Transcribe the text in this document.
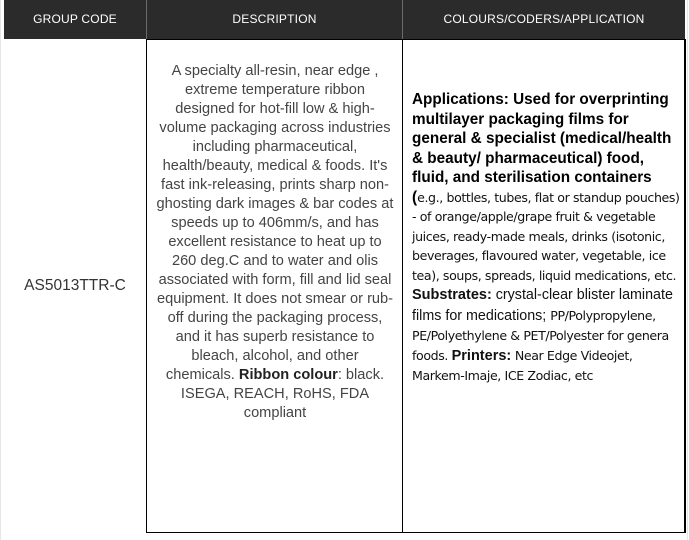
GROUP CODE	DESCRIPTION	COLOURS/CODERS/APPLICATION
AS5013TTR-C
A specialty all-resin, near edge , extreme temperature ribbon designed for hot-fill low & high-volume packaging across industries including pharmaceutical, health/beauty, medical & foods. It's fast ink-releasing, prints sharp non-ghosting dark images & bar codes at speeds up to 406mm/s, and has excellent resistance to heat up to 260 deg.C and to water and olis associated with form, fill and lid seal equipment. It does not smear or rub-off during the packaging process, and it has superb resistance to bleach, alcohol, and other chemicals. Ribbon colour: black. ISEGA, REACH, RoHS, FDA compliant
Applications: Used for overprinting multilayer packaging films for general & specialist (medical/health & beauty/ pharmaceutical) food, fluid, and sterilisation containers (e.g., bottles, tubes, flat or standup pouches) - of orange/apple/grape fruit & vegetable juices, ready-made meals, drinks (isotonic, beverages, flavoured water, vegetable, ice tea), soups, spreads, liquid medications, etc. Substrates: crystal-clear blister laminate films for medications; PP/Polypropylene, PE/Polyethylene & PET/Polyester for genera foods. Printers: Near Edge Videojet, Markem-Imaje, ICE Zodiac, etc
